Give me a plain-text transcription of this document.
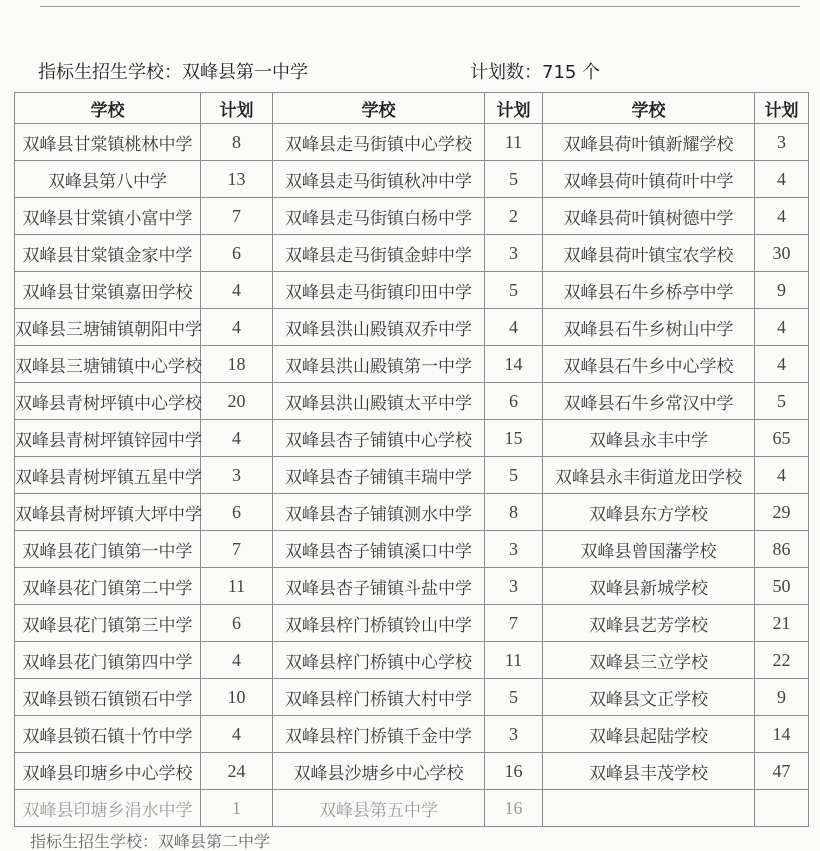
指标生招生学校：双峰县第一中学	计划数：715 个
学校	计划	学校	计划	学校	计划
双峰县甘棠镇桃林中学	8	双峰县走马街镇中心学校	11	双峰县荷叶镇新耀学校	3
双峰县第八中学	13	双峰县走马街镇秋冲中学	5	双峰县荷叶镇荷叶中学	4
双峰县甘棠镇小富中学	7	双峰县走马街镇白杨中学	2	双峰县荷叶镇树德中学	4
双峰县甘棠镇金家中学	6	双峰县走马街镇金蚌中学	3	双峰县荷叶镇宝农学校	30
双峰县甘棠镇嘉田学校	4	双峰县走马街镇印田中学	5	双峰县石牛乡桥亭中学	9
双峰县三塘铺镇朝阳中学	4	双峰县洪山殿镇双乔中学	4	双峰县石牛乡树山中学	4
双峰县三塘铺镇中心学校	18	双峰县洪山殿镇第一中学	14	双峰县石牛乡中心学校	4
双峰县青树坪镇中心学校	20	双峰县洪山殿镇太平中学	6	双峰县石牛乡常汉中学	5
双峰县青树坪镇锌园中学	4	双峰县杏子铺镇中心学校	15	双峰县永丰中学	65
双峰县青树坪镇五星中学	3	双峰县杏子铺镇丰瑞中学	5	双峰县永丰街道龙田学校	4
双峰县青树坪镇大坪中学	6	双峰县杏子铺镇测水中学	8	双峰县东方学校	29
双峰县花门镇第一中学	7	双峰县杏子铺镇溪口中学	3	双峰县曾国藩学校	86
双峰县花门镇第二中学	11	双峰县杏子铺镇斗盐中学	3	双峰县新城学校	50
双峰县花门镇第三中学	6	双峰县梓门桥镇铃山中学	7	双峰县艺芳学校	21
双峰县花门镇第四中学	4	双峰县梓门桥镇中心学校	11	双峰县三立学校	22
双峰县锁石镇锁石中学	10	双峰县梓门桥镇大村中学	5	双峰县文正学校	9
双峰县锁石镇十竹中学	4	双峰县梓门桥镇千金中学	3	双峰县起陆学校	14
双峰县印塘乡中心学校	24	双峰县沙塘乡中心学校	16	双峰县丰茂学校	47
双峰县印塘乡涓水中学	1	双峰县第五中学	16		
指标生招生学校：双峰县第二中学
